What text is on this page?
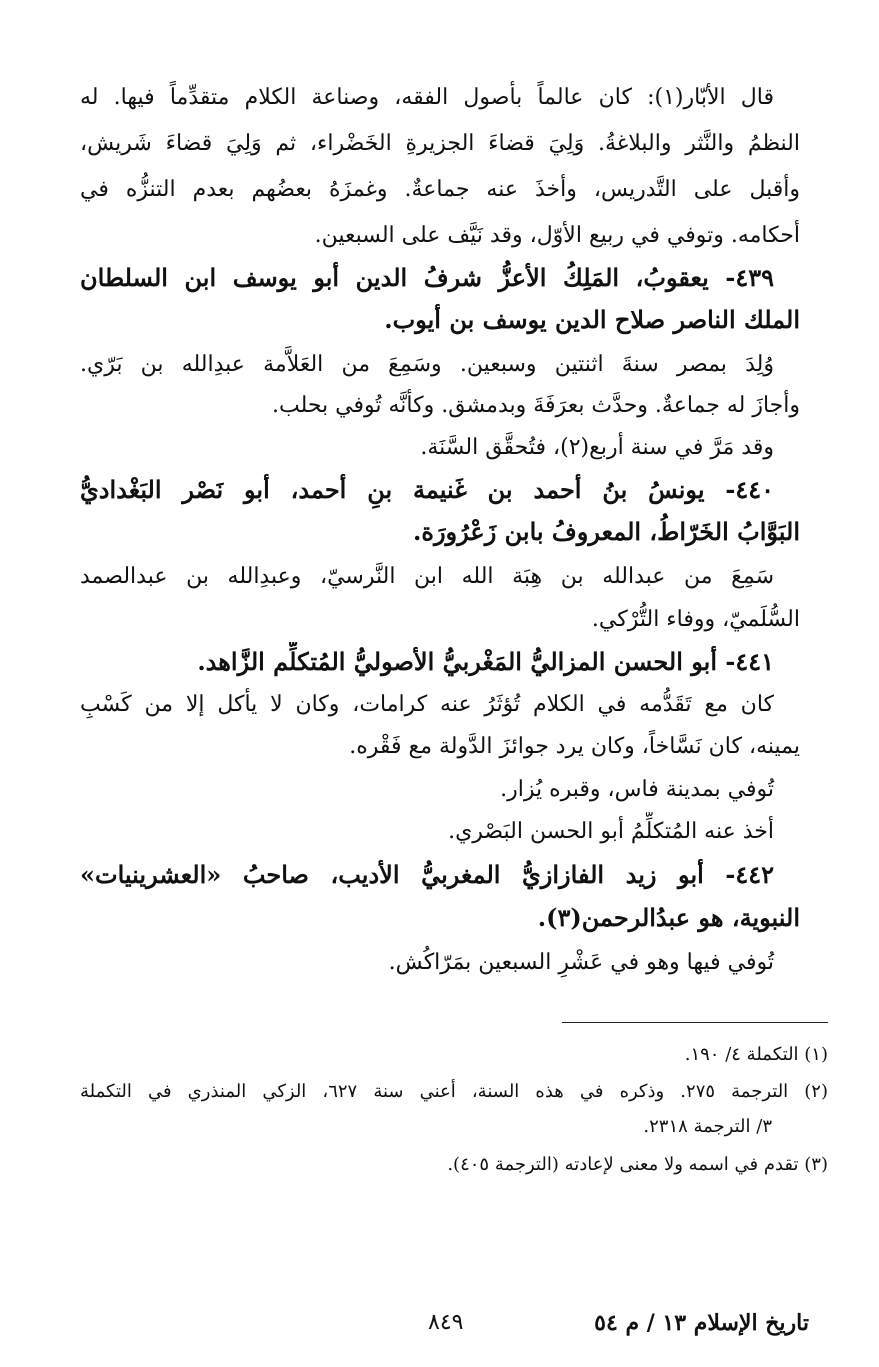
قال الأبّار(١): كان عالماً بأصول الفقه، وصناعة الكلام متقدِّماً فيها. له
النظمُ والنَّثر والبلاغةُ. وَلِيَ قضاءَ الجزيرةِ الخَضْراء، ثم وَلِيَ قضاءَ شَريش،
وأقبل على التَّدريس، وأخذَ عنه جماعةٌ. وغمزَهُ بعضُهم بعدم التنزُّه في
أحكامه. وتوفي في ربيع الأوّل، وقد نَيَّف على السبعين.
٤٣٩- يعقوبُ، المَلِكُ الأعزُّ شرفُ الدين أبو يوسف ابن السلطان
الملك الناصر صلاح الدين يوسف بن أيوب.
وُلِدَ بمصر سنةَ اثنتين وسبعين. وسَمِعَ من العَلاَّمة عبدِالله بن بَرّي.
وأجازَ له جماعةٌ. وحدَّث بعرَفَةَ وبدمشق. وكأنَّه تُوفي بحلب.
وقد مَرَّ في سنة أربع(٢)، فتُحقَّق السَّنَة.
٤٤٠- يونسُ بنُ أحمد بن غَنيمة بنِ أحمد، أبو نَصْر البَغْداديُّ
البَوَّابُ الخَرّاطُ، المعروفُ بابن زَعْرُورَة.
سَمِعَ من عبدالله بن هِبَة الله ابن النَّرسيّ، وعبدِالله بن عبدالصمد
السُّلَميّ، ووفاء التُّرْكي.
٤٤١- أبو الحسن المزاليُّ المَغْربيُّ الأصوليُّ المُتكلِّم الزَّاهد.
كان مع تَقَدُّمه في الكلام تُؤثَرُ عنه كرامات، وكان لا يأكل إلا من كَسْبِ
يمينه، كان نَسَّاخاً، وكان يرد جوائزَ الدَّولة مع فَقْره.
تُوفي بمدينة فاس، وقبره يُزار.
أخذ عنه المُتكلِّمُ أبو الحسن البَصْري.
٤٤٢- أبو زيد الفازازيُّ المغربيُّ الأديب، صاحبُ «العشرينيات»
النبوية، هو عبدُالرحمن(٣).
تُوفي فيها وهو في عَشْرِ السبعين بمَرّاكُش.
(١) التكملة ٤/ ١٩٠.
(٢) الترجمة ٢٧٥. وذكره في هذه السنة، أعني سنة ٦٢٧، الزكي المنذري في التكملة
٣/ الترجمة ٢٣١٨.
(٣) تقدم في اسمه ولا معنى لإعادته (الترجمة ٤٠٥).
تاريخ الإسلام ١٣ / م ٥٤
٨٤٩
